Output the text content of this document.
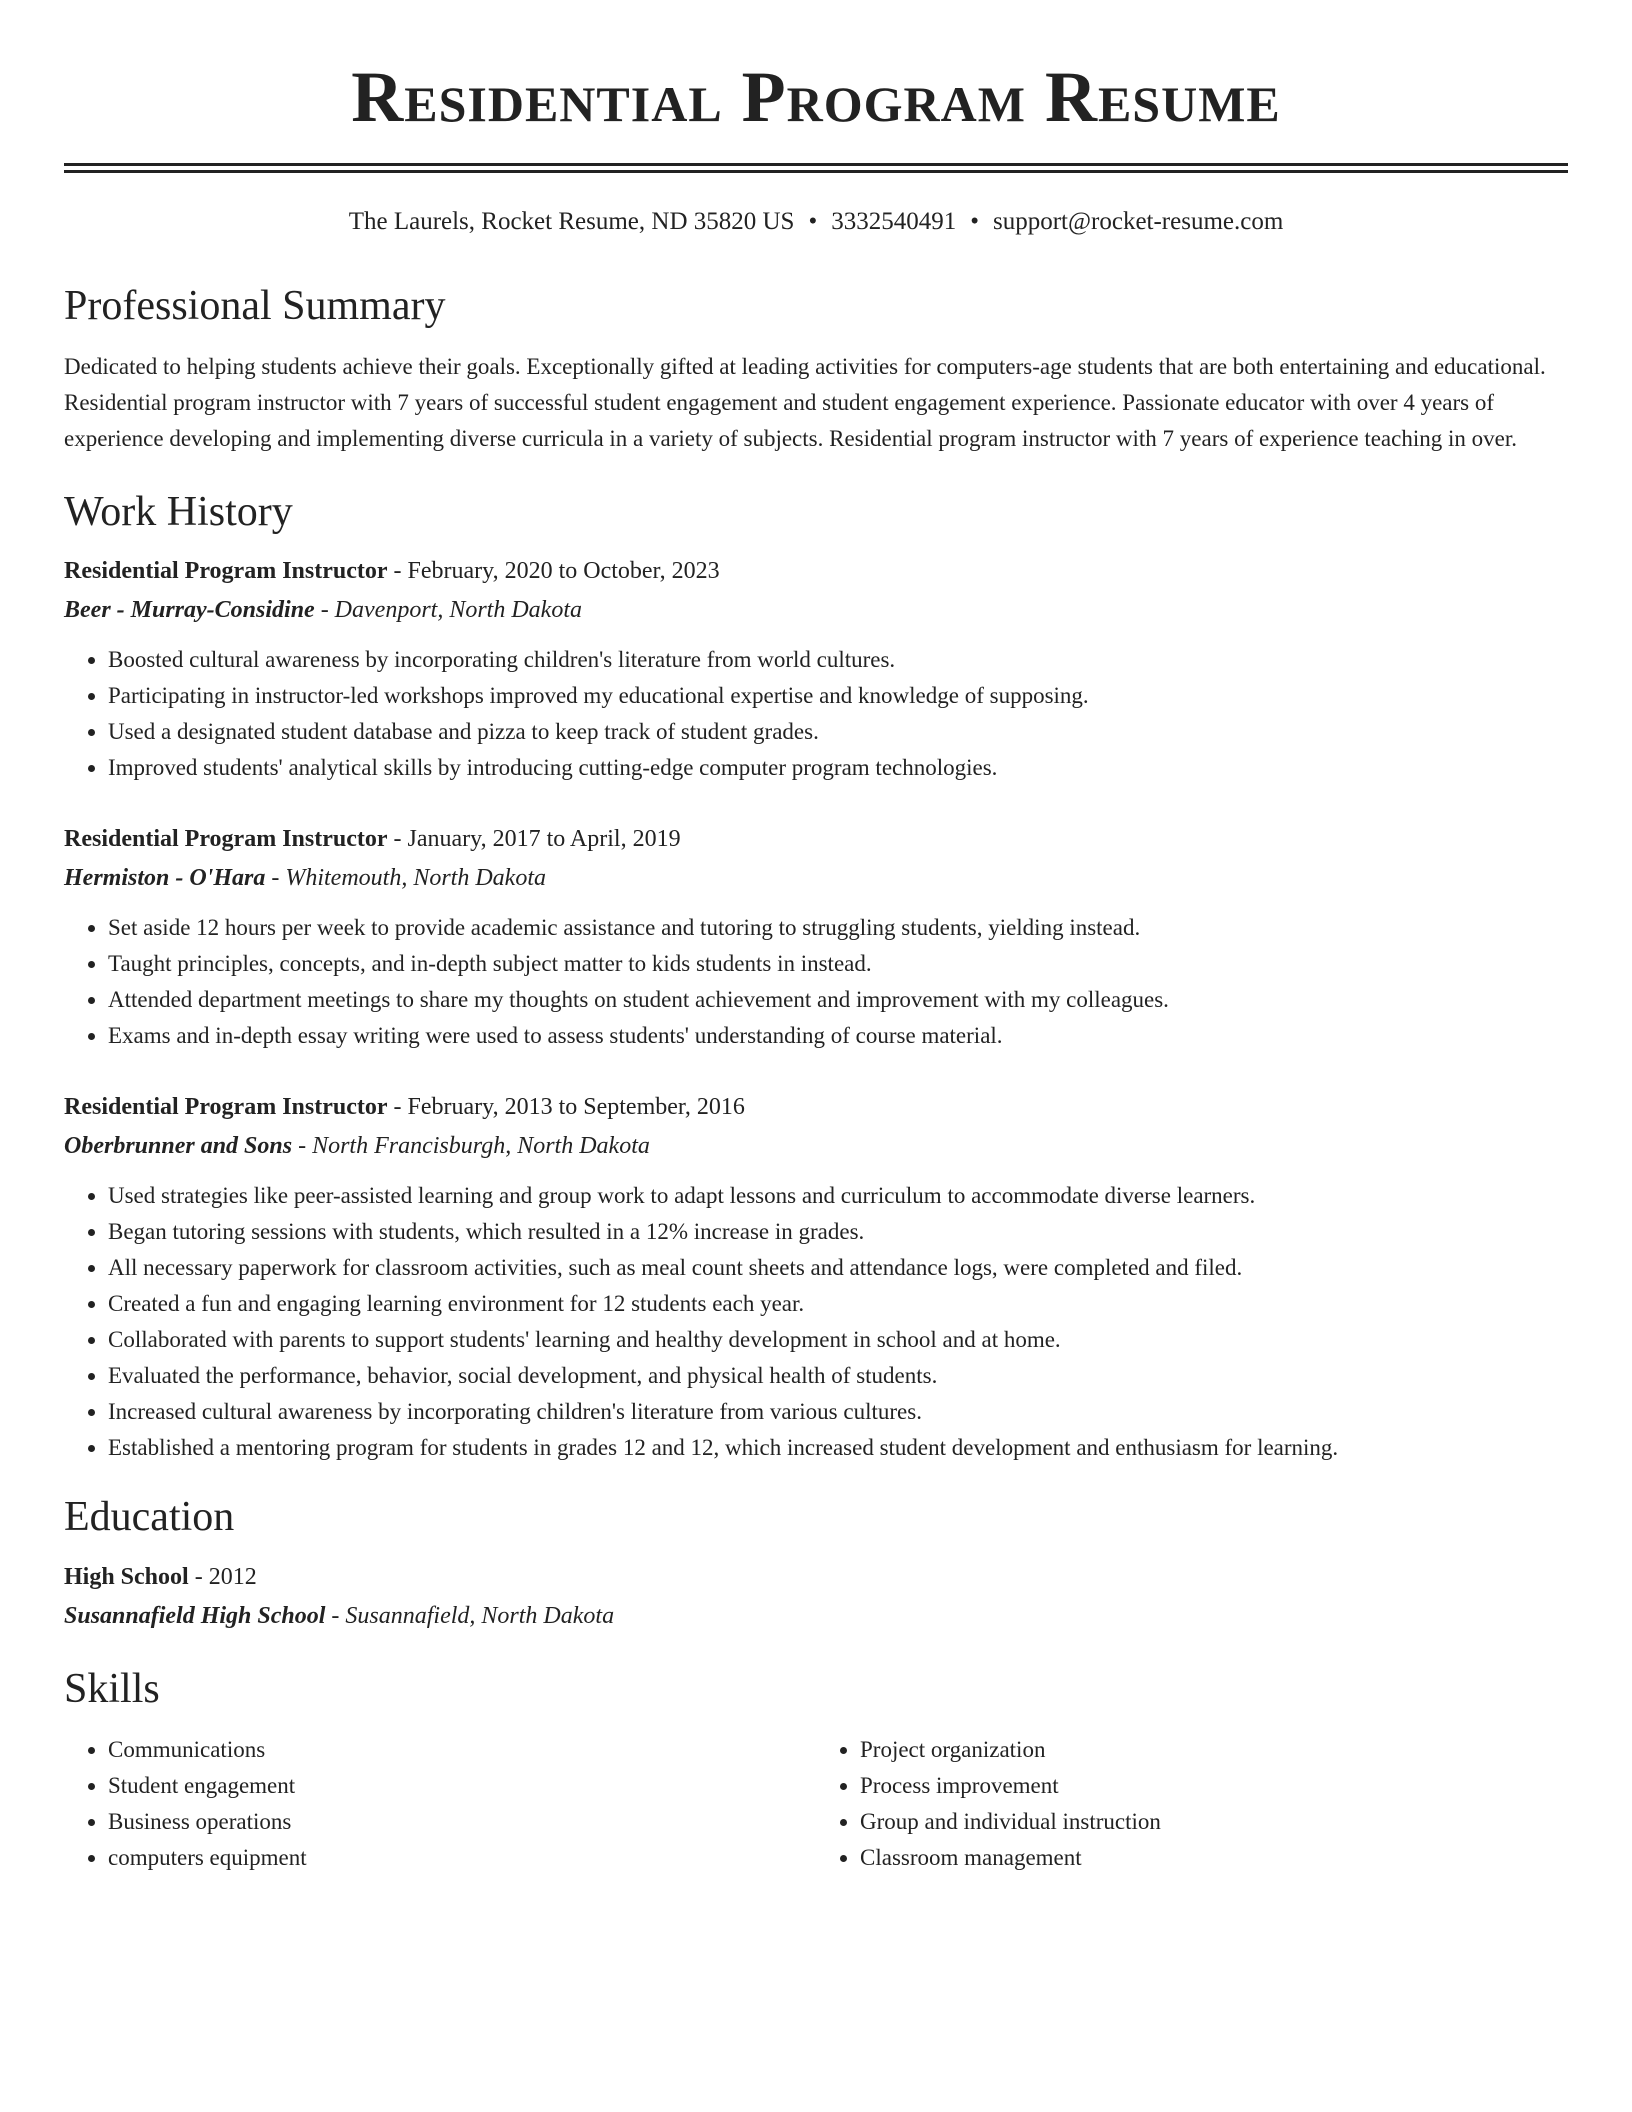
Residential Program Resume
The Laurels, Rocket Resume, ND 35820 US • 3332540491 • support@rocket-resume.com
Professional Summary

Dedicated to helping students achieve their goals. Exceptionally gifted at leading activities for computers-age students that are both entertaining and educational. Residential program instructor with 7 years of successful student engagement and student engagement experience. Passionate educator with over 4 years of experience developing and implementing diverse curricula in a variety of subjects. Residential program instructor with 7 years of experience teaching in over.

Work History
Residential Program Instructor - February, 2020 to October, 2023
Beer - Murray-Considine - Davenport, North Dakota
• Boosted cultural awareness by incorporating children's literature from world cultures.
• Participating in instructor-led workshops improved my educational expertise and knowledge of supposing.
• Used a designated student database and pizza to keep track of student grades.
• Improved students' analytical skills by introducing cutting-edge computer program technologies.
Residential Program Instructor - January, 2017 to April, 2019
Hermiston - O'Hara - Whitemouth, North Dakota
• Set aside 12 hours per week to provide academic assistance and tutoring to struggling students, yielding instead.
• Taught principles, concepts, and in-depth subject matter to kids students in instead.
• Attended department meetings to share my thoughts on student achievement and improvement with my colleagues.
• Exams and in-depth essay writing were used to assess students' understanding of course material.
Residential Program Instructor - February, 2013 to September, 2016
Oberbrunner and Sons - North Francisburgh, North Dakota
• Used strategies like peer-assisted learning and group work to adapt lessons and curriculum to accommodate diverse learners.
• Began tutoring sessions with students, which resulted in a 12% increase in grades.
• All necessary paperwork for classroom activities, such as meal count sheets and attendance logs, were completed and filed.
• Created a fun and engaging learning environment for 12 students each year.
• Collaborated with parents to support students' learning and healthy development in school and at home.
• Evaluated the performance, behavior, social development, and physical health of students.
• Increased cultural awareness by incorporating children's literature from various cultures.
• Established a mentoring program for students in grades 12 and 12, which increased student development and enthusiasm for learning.
Education
High School - 2012
Susannafield High School - Susannafield, North Dakota
Skills
• Communications
• Student engagement
• Business operations
• computers equipment
• Project organization
• Process improvement
• Group and individual instruction
• Classroom management
